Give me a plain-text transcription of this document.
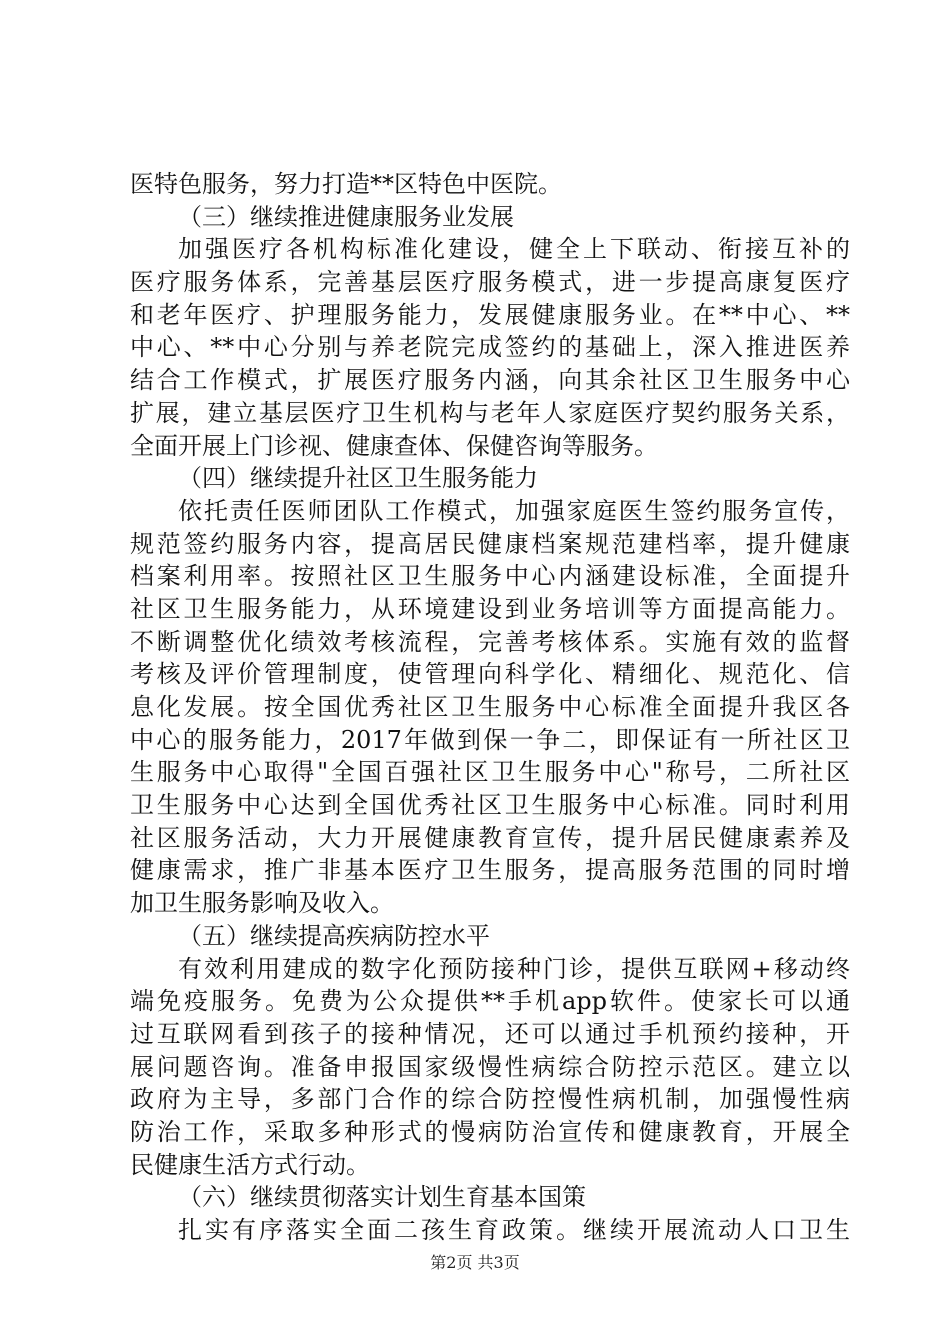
医特色服务，努力打造**区特色中医院。
（三）继续推进健康服务业发展
加强医疗各机构标准化建设，健全上下联动、衔接互补的
医疗服务体系，完善基层医疗服务模式，进一步提高康复医疗
和老年医疗、护理服务能力，发展健康服务业。在**中心、**
中心、**中心分别与养老院完成签约的基础上，深入推进医养
结合工作模式，扩展医疗服务内涵，向其余社区卫生服务中心
扩展，建立基层医疗卫生机构与老年人家庭医疗契约服务关系，
全面开展上门诊视、健康查体、保健咨询等服务。
（四）继续提升社区卫生服务能力
依托责任医师团队工作模式，加强家庭医生签约服务宣传，
规范签约服务内容，提高居民健康档案规范建档率，提升健康
档案利用率。按照社区卫生服务中心内涵建设标准，全面提升
社区卫生服务能力，从环境建设到业务培训等方面提高能力。
不断调整优化绩效考核流程，完善考核体系。实施有效的监督
考核及评价管理制度，使管理向科学化、精细化、规范化、信
息化发展。按全国优秀社区卫生服务中心标准全面提升我区各
中心的服务能力，2017年做到保一争二，即保证有一所社区卫
生服务中心取得"全国百强社区卫生服务中心"称号，二所社区
卫生服务中心达到全国优秀社区卫生服务中心标准。同时利用
社区服务活动，大力开展健康教育宣传，提升居民健康素养及
健康需求，推广非基本医疗卫生服务，提高服务范围的同时增
加卫生服务影响及收入。
（五）继续提高疾病防控水平
有效利用建成的数字化预防接种门诊，提供互联网+移动终
端免疫服务。免费为公众提供**手机app软件。使家长可以通
过互联网看到孩子的接种情况，还可以通过手机预约接种，开
展问题咨询。准备申报国家级慢性病综合防控示范区。建立以
政府为主导，多部门合作的综合防控慢性病机制，加强慢性病
防治工作，采取多种形式的慢病防治宣传和健康教育，开展全
民健康生活方式行动。
（六）继续贯彻落实计划生育基本国策
扎实有序落实全面二孩生育政策。继续开展流动人口卫生
第2页 共3页
